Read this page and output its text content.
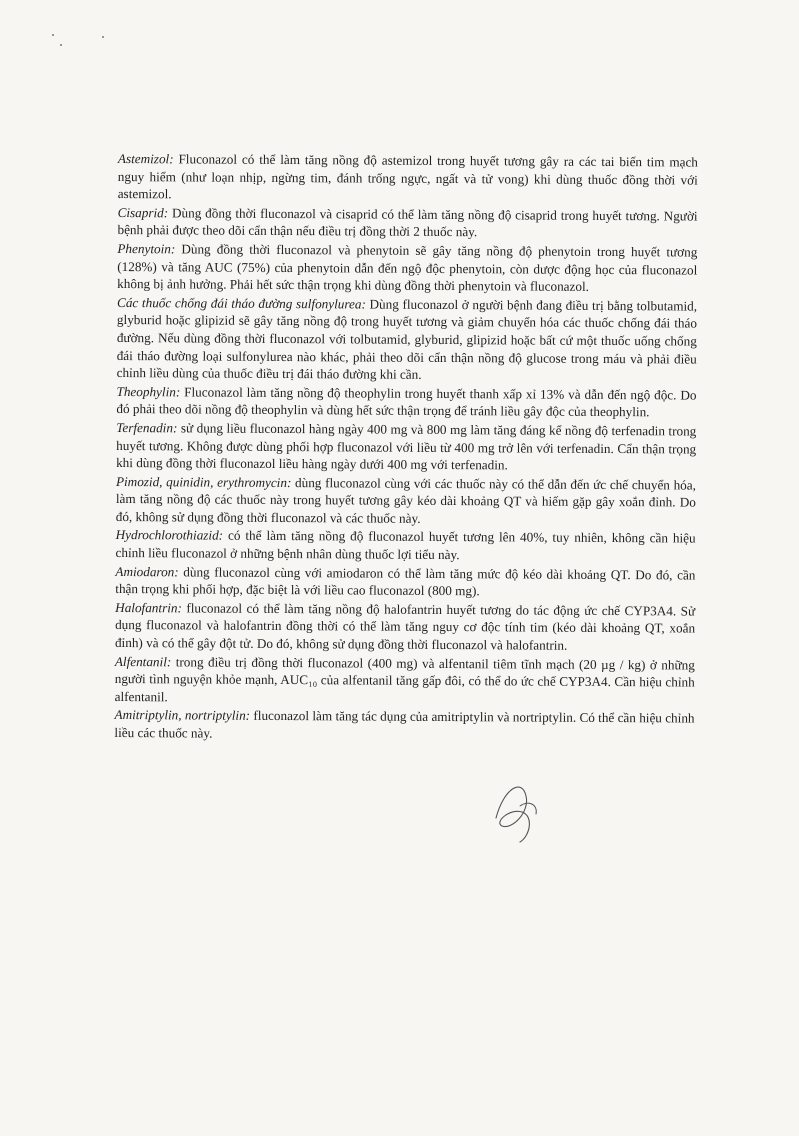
Astemizol: Fluconazol có thể làm tăng nồng độ astemizol trong huyết tương gây ra các tai biến tim mạch nguy hiểm (như loạn nhịp, ngừng tim, đánh trống ngực, ngất và tử vong) khi dùng thuốc đồng thời với astemizol.

Cisaprid: Dùng đồng thời fluconazol và cisaprid có thể làm tăng nồng độ cisaprid trong huyết tương. Người bệnh phải được theo dõi cẩn thận nếu điều trị đồng thời 2 thuốc này.

Phenytoin: Dùng đồng thời fluconazol và phenytoin sẽ gây tăng nồng độ phenytoin trong huyết tương (128%) và tăng AUC (75%) của phenytoin dẫn đến ngộ độc phenytoin, còn dược động học của fluconazol không bị ảnh hưởng. Phải hết sức thận trọng khi dùng đồng thời phenytoin và fluconazol.

Các thuốc chống đái tháo đường sulfonylurea: Dùng fluconazol ở người bệnh đang điều trị bằng tolbutamid, glyburid hoặc glipizid sẽ gây tăng nồng độ trong huyết tương và giảm chuyển hóa các thuốc chống đái tháo đường. Nếu dùng đồng thời fluconazol với tolbutamid, glyburid, glipizid hoặc bất cứ một thuốc uống chống đái tháo đường loại sulfonylurea nào khác, phải theo dõi cẩn thận nồng độ glucose trong máu và phải điều chỉnh liều dùng của thuốc điều trị đái tháo đường khi cần.

Theophylin: Fluconazol làm tăng nồng độ theophylin trong huyết thanh xấp xỉ 13% và dẫn đến ngộ độc. Do đó phải theo dõi nồng độ theophylin và dùng hết sức thận trọng để tránh liều gây độc của theophylin.

Terfenadin: sử dụng liều fluconazol hàng ngày 400 mg và 800 mg làm tăng đáng kể nồng độ terfenadin trong huyết tương. Không được dùng phối hợp fluconazol với liều từ 400 mg trở lên với terfenadin. Cẩn thận trọng khi dùng đồng thời fluconazol liều hàng ngày dưới 400 mg với terfenadin.

Pimozid, quinidin, erythromycin: dùng fluconazol cùng với các thuốc này có thể dẫn đến ức chế chuyển hóa, làm tăng nồng độ các thuốc này trong huyết tương gây kéo dài khoảng QT và hiếm gặp gây xoắn đỉnh. Do đó, không sử dụng đồng thời fluconazol và các thuốc này.

Hydrochlorothiazid: có thể làm tăng nồng độ fluconazol huyết tương lên 40%, tuy nhiên, không cần hiệu chỉnh liều fluconazol ở những bệnh nhân dùng thuốc lợi tiểu này.

Amiodaron: dùng fluconazol cùng với amiodaron có thể làm tăng mức độ kéo dài khoảng QT. Do đó, cần thận trọng khi phối hợp, đặc biệt là với liều cao fluconazol (800 mg).

Halofantrin: fluconazol có thể làm tăng nồng độ halofantrin huyết tương do tác động ức chế CYP3A4. Sử dụng fluconazol và halofantrin đồng thời có thể làm tăng nguy cơ độc tính tim (kéo dài khoảng QT, xoắn đỉnh) và có thể gây đột tử. Do đó, không sử dụng đồng thời fluconazol và halofantrin.

Alfentanil: trong điều trị đồng thời fluconazol (400 mg) và alfentanil tiêm tĩnh mạch (20 µg / kg) ở những người tình nguyện khỏe mạnh, AUC₁₀ của alfentanil tăng gấp đôi, có thể do ức chế CYP3A4. Cần hiệu chỉnh alfentanil.

Amitriptylin, nortriptylin: fluconazol làm tăng tác dụng của amitriptylin và nortriptylin. Có thể cần hiệu chỉnh liều các thuốc này.
